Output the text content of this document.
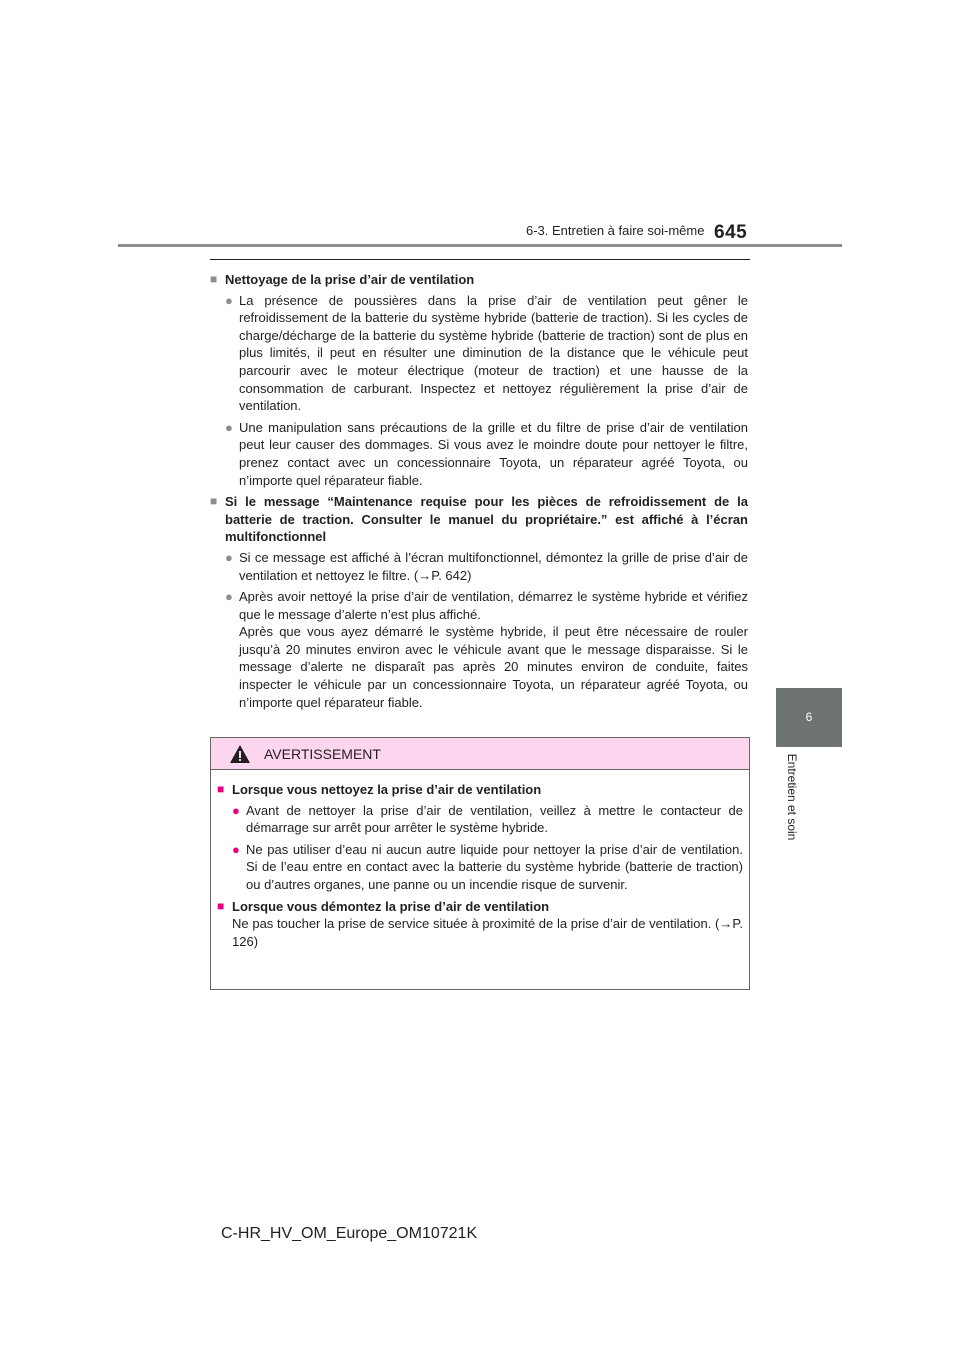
6-3. Entretien à faire soi-même 645
6
Entretien et soin
■ Nettoyage de la prise d’air de ventilation
● La présence de poussières dans la prise d’air de ventilation peut gêner le refroidissement de la batterie du système hybride (batterie de traction). Si les cycles de charge/décharge de la batterie du système hybride (batterie de traction) sont de plus en plus limités, il peut en résulter une diminution de la distance que le véhicule peut parcourir avec le moteur électrique (moteur de traction) et une hausse de la consommation de carburant. Inspectez et nettoyez régulièrement la prise d’air de ventilation.
● Une manipulation sans précautions de la grille et du filtre de prise d’air de ventilation peut leur causer des dommages. Si vous avez le moindre doute pour nettoyer le filtre, prenez contact avec un concessionnaire Toyota, un réparateur agréé Toyota, ou n’importe quel réparateur fiable.
■ Si le message “Maintenance requise pour les pièces de refroidissement de la batterie de traction. Consulter le manuel du propriétaire.” est affiché à l’écran multifonctionnel
● Si ce message est affiché à l’écran multifonctionnel, démontez la grille de prise d’air de ventilation et nettoyez le filtre. (→P. 642)
● Après avoir nettoyé la prise d’air de ventilation, démarrez le système hybride et vérifiez que le message d’alerte n’est plus affiché.

Après que vous ayez démarré le système hybride, il peut être nécessaire de rouler jusqu’à 20 minutes environ avec le véhicule avant que le message disparaisse. Si le message d’alerte ne disparaît pas après 20 minutes environ de conduite, faites inspecter le véhicule par un concessionnaire Toyota, un réparateur agréé Toyota, ou n’importe quel réparateur fiable.

AVERTISSEMENT
■ Lorsque vous nettoyez la prise d’air de ventilation
● Avant de nettoyer la prise d’air de ventilation, veillez à mettre le contacteur de démarrage sur arrêt pour arrêter le système hybride.
● Ne pas utiliser d’eau ni aucun autre liquide pour nettoyer la prise d’air de ventilation. Si de l’eau entre en contact avec la batterie du système hybride (batterie de traction) ou d’autres organes, une panne ou un incendie risque de survenir.
■ Lorsque vous démontez la prise d’air de ventilation
Ne pas toucher la prise de service située à proximité de la prise d’air de ventilation. (→P. 126)
C-HR_HV_OM_Europe_OM10721K
